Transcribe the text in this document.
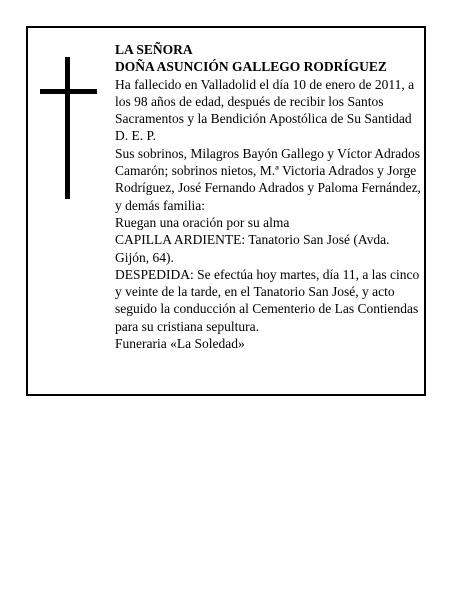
LA SEÑORA

DOÑA ASUNCIÓN GALLEGO RODRÍGUEZ

Ha fallecido en Valladolid el día 10 de enero de 2011, a los 98 años de edad, después de recibir los Santos Sacramentos y la Bendición Apostólica de Su Santidad D. E. P.

Sus sobrinos, Milagros Bayón Gallego y Víctor Adrados Camarón; sobrinos nietos, M.ª Victoria Adrados y Jorge Rodríguez, José Fernando Adrados y Paloma Fernández, y demás familia:

Ruegan una oración por su alma

CAPILLA ARDIENTE: Tanatorio San José (Avda. Gijón, 64).

DESPEDIDA: Se efectúa hoy martes, día 11, a las cinco y veinte de la tarde, en el Tanatorio San José, y acto seguido la conducción al Cementerio de Las Contiendas para su cristiana sepultura.

Funeraria «La Soledad»
